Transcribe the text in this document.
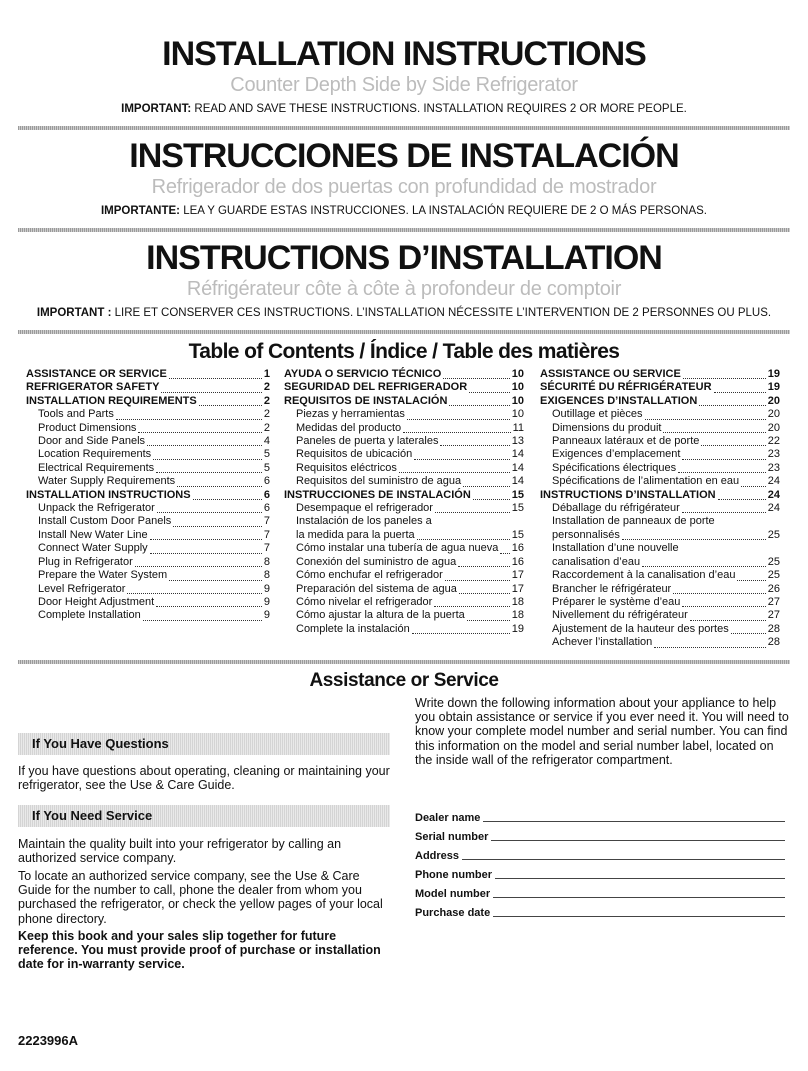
INSTALLATION INSTRUCTIONS
Counter Depth Side by Side Refrigerator
IMPORTANT: READ AND SAVE THESE INSTRUCTIONS. INSTALLATION REQUIRES 2 OR MORE PEOPLE.
INSTRUCCIONES DE INSTALACIÓN
Refrigerador de dos puertas con profundidad de mostrador
IMPORTANTE: LEA Y GUARDE ESTAS INSTRUCCIONES. LA INSTALACIÓN REQUIERE DE 2 O MÁS PERSONAS.
INSTRUCTIONS D’INSTALLATION
Réfrigérateur côte à côte à profondeur de comptoir
IMPORTANT : LIRE ET CONSERVER CES INSTRUCTIONS. L’INSTALLATION NÉCESSITE L’INTERVENTION DE 2 PERSONNES OU PLUS.
Table of Contents / Índice / Table des matières
ASSISTANCE OR SERVICE	1
REFRIGERATOR SAFETY	2
INSTALLATION REQUIREMENTS	2
Tools and Parts	2
Product Dimensions	2
Door and Side Panels	4
Location Requirements	5
Electrical Requirements	5
Water Supply Requirements	6
INSTALLATION INSTRUCTIONS	6
Unpack the Refrigerator	6
Install Custom Door Panels	7
Install New Water Line	7
Connect Water Supply	7
Plug in Refrigerator	8
Prepare the Water System	8
Level Refrigerator	9
Door Height Adjustment	9
Complete Installation	9
AYUDA O SERVICIO TÉCNICO	10
SEGURIDAD DEL REFRIGERADOR	10
REQUISITOS DE INSTALACIÓN	10
Piezas y herramientas	10
Medidas del producto	11
Paneles de puerta y laterales	13
Requisitos de ubicación	14
Requisitos eléctricos	14
Requisitos del suministro de agua	14
INSTRUCCIONES DE INSTALACIÓN	15
Desempaque el refrigerador	15
Instalación de los paneles a
la medida para la puerta	15
Cómo instalar una tubería de agua nueva 16
Conexión del suministro de agua	16
Cómo enchufar el refrigerador	17
Preparación del sistema de agua	17
Cómo nivelar el refrigerador	18
Cómo ajustar la altura de la puerta	18
Complete la instalación	19
ASSISTANCE OU SERVICE	19
SÉCURITÉ DU RÉFRIGÉRATEUR	19
EXIGENCES D’INSTALLATION	20
Outillage et pièces	20
Dimensions du produit	20
Panneaux latéraux et de porte	22
Exigences d’emplacement	23
Spécifications électriques	23
Spécifications de l’alimentation en eau	24
INSTRUCTIONS D’INSTALLATION	24
Déballage du réfrigérateur	24
Installation de panneaux de porte
personnalisés	25
Installation d’une nouvelle
canalisation d’eau	25
Raccordement à la canalisation d’eau	25
Brancher le réfrigérateur	26
Préparer le système d’eau	27
Nivellement du réfrigérateur	27
Ajustement de la hauteur des portes	28
Achever l’installation	28
Assistance or Service
If You Have Questions
If you have questions about operating, cleaning or maintaining your refrigerator, see the Use & Care Guide.
If You Need Service
Maintain the quality built into your refrigerator by calling an authorized service company.
To locate an authorized service company, see the Use & Care Guide for the number to call, phone the dealer from whom you purchased the refrigerator, or check the yellow pages of your local phone directory.
Keep this book and your sales slip together for future reference. You must provide proof of purchase or installation date for in-warranty service.
Write down the following information about your appliance to help you obtain assistance or service if you ever need it. You will need to know your complete model number and serial number. You can find this information on the model and serial number label, located on the inside wall of the refrigerator compartment.
Dealer name
Serial number
Address
Phone number
Model number
Purchase date
2223996A
